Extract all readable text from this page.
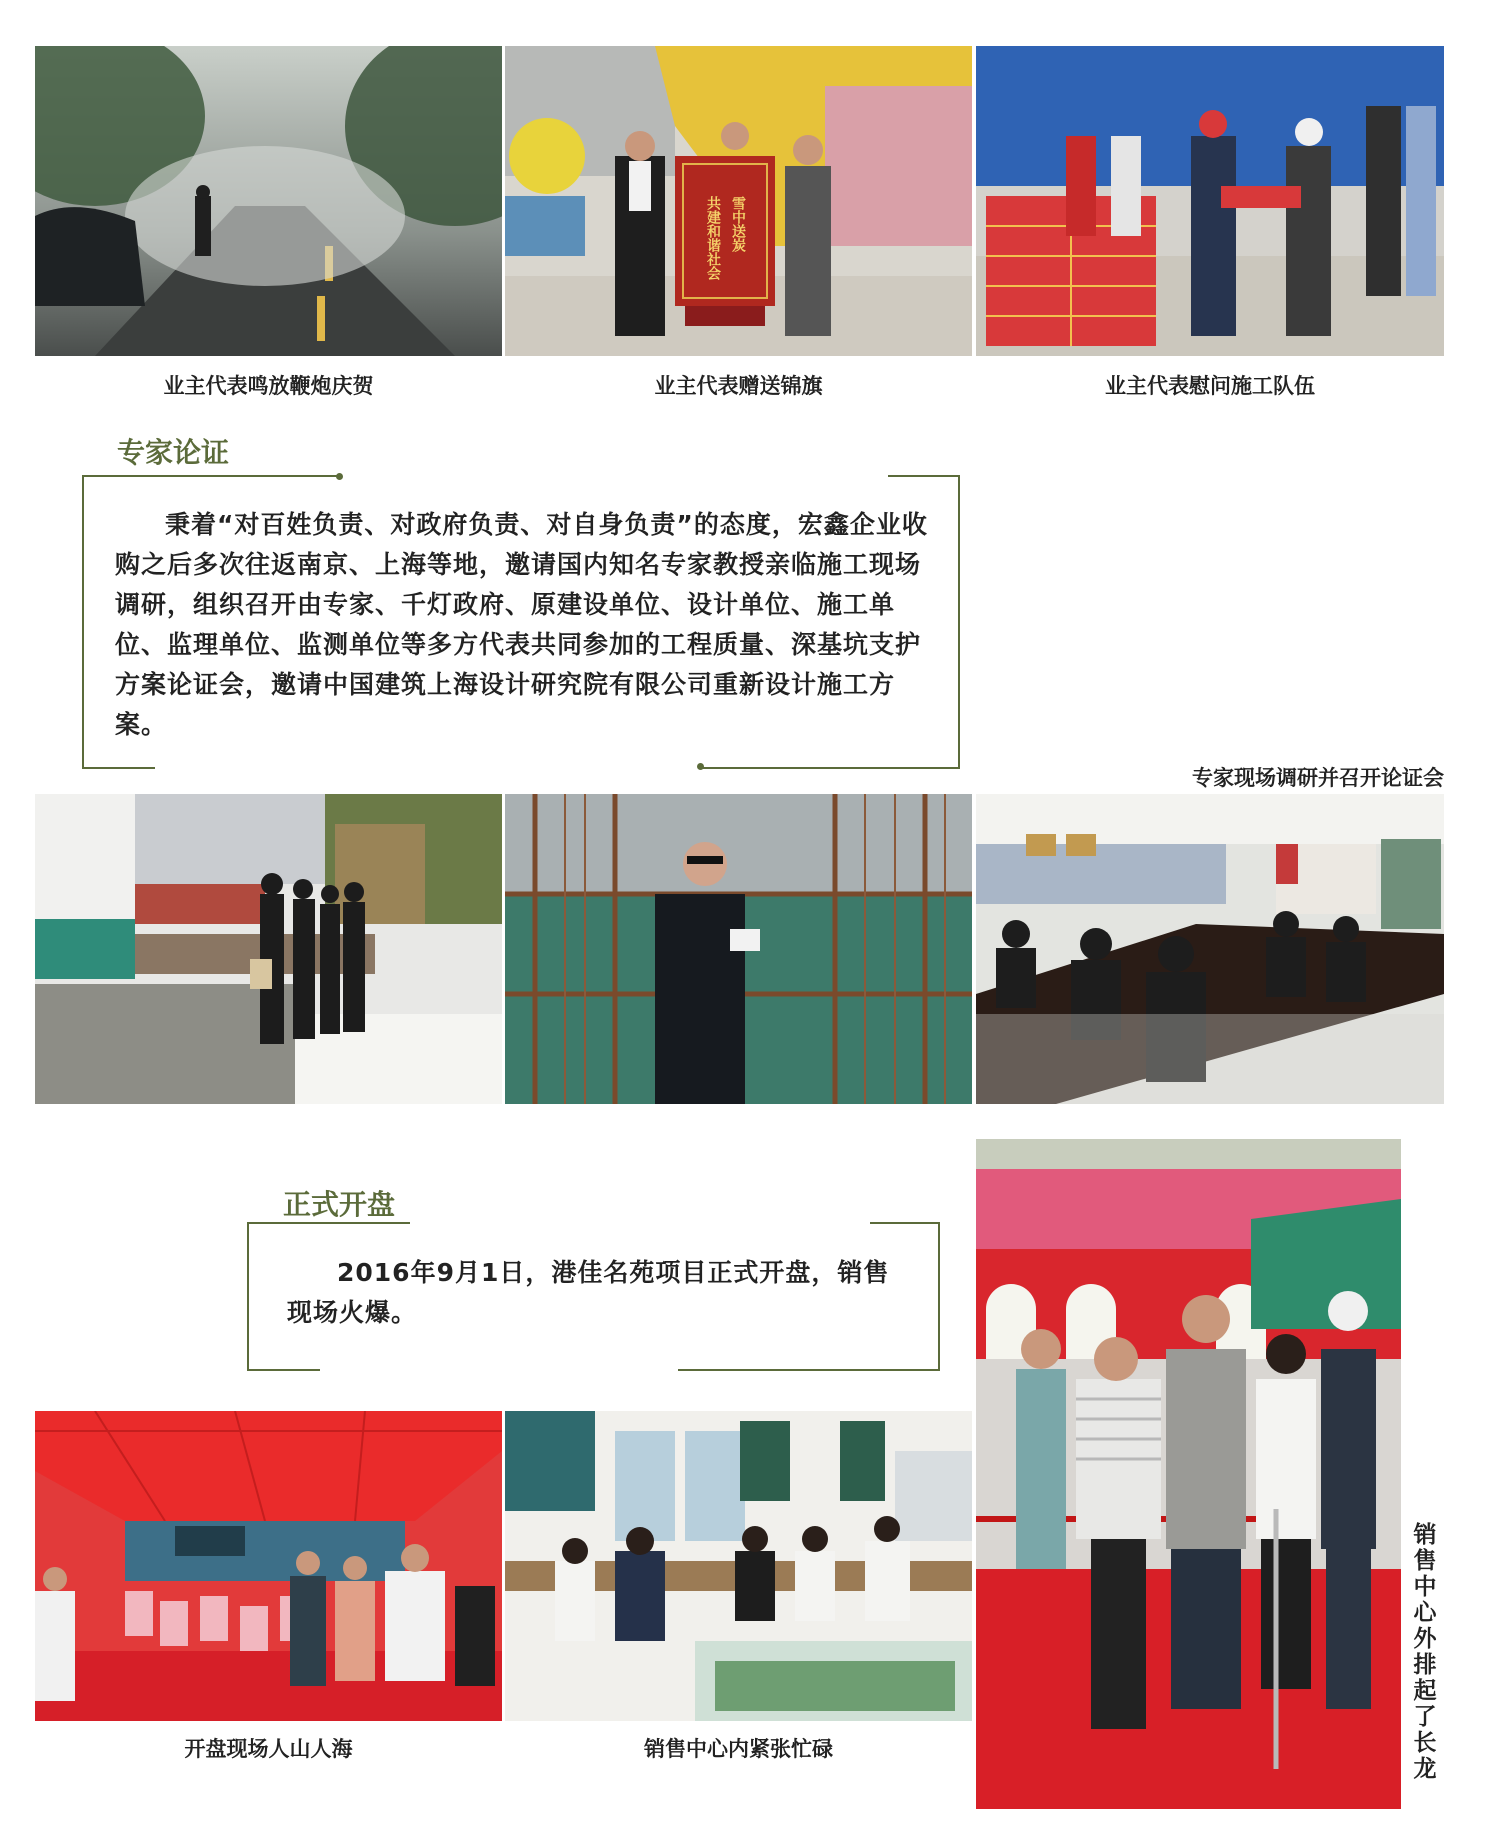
雪中送炭
共建和谐社会
业主代表鸣放鞭炮庆贺	业主代表赠送锦旗	业主代表慰问施工队伍
专家论证
秉着“对百姓负责、对政府负责、对自身负责”的态度，宏鑫企业收购之后多次往返南京、上海等地，邀请国内知名专家教授亲临施工现场调研，组织召开由专家、千灯政府、原建设单位、设计单位、施工单位、监理单位、监测单位等多方代表共同参加的工程质量、深基坑支护方案论证会，邀请中国建筑上海设计研究院有限公司重新设计施工方案。
专家现场调研并召开论证会
正式开盘
2016年9月1日，港佳名苑项目正式开盘，销售现场火爆。
开盘现场人山人海	销售中心内紧张忙碌
销售中心外排起了长龙
